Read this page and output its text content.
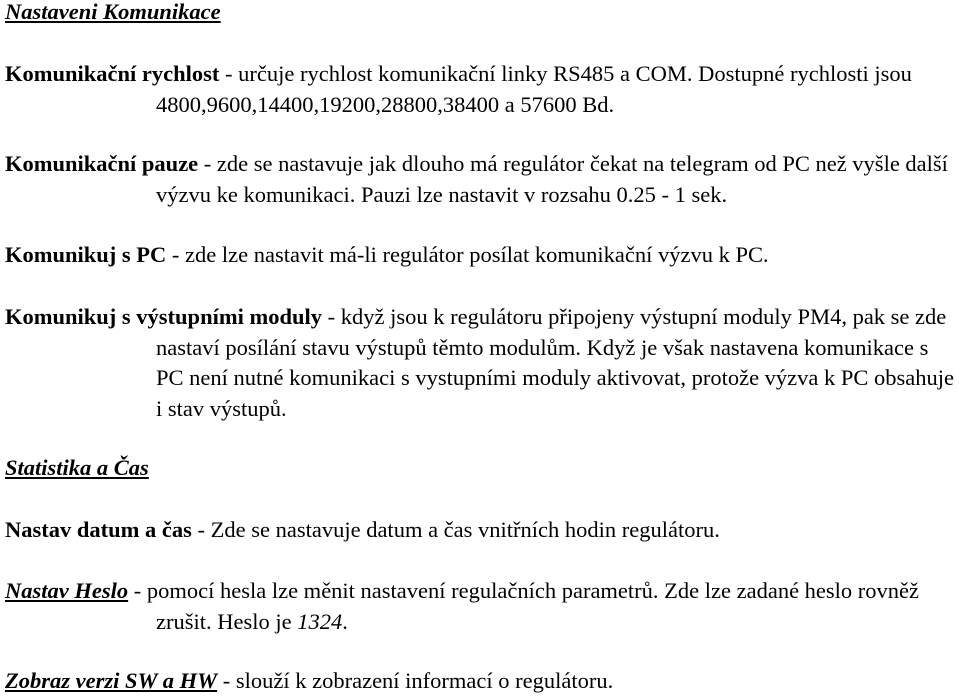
Nastaveni Komunikace

Komunikační rychlost - určuje rychlost komunikační linky RS485 a COM. Dostupné rychlosti jsou 4800,9600,14400,19200,28800,38400 a 57600 Bd.

Komunikační pauze - zde se nastavuje jak dlouho má regulátor čekat na telegram od PC než vyšle další výzvu ke komunikaci. Pauzi lze nastavit v rozsahu 0.25 - 1 sek.

Komunikuj s PC - zde lze nastavit má-li regulátor posílat komunikační výzvu k PC.

Komunikuj s výstupními moduly - když jsou k regulátoru připojeny výstupní moduly PM4, pak se zde nastaví posílání stavu výstupů těmto modulům. Když je však nastavena komunikace s PC není nutné komunikaci s vystupními moduly aktivovat, protože výzva k PC obsahuje i stav výstupů.

Statistika a Čas

Nastav datum a čas - Zde se nastavuje datum a čas vnitřních hodin regulátoru.

Nastav Heslo - pomocí hesla lze měnit nastavení regulačních parametrů. Zde lze zadané heslo rovněž zrušit. Heslo je 1324.

Zobraz verzi SW a HW - slouží k zobrazení informací o regulátoru.
